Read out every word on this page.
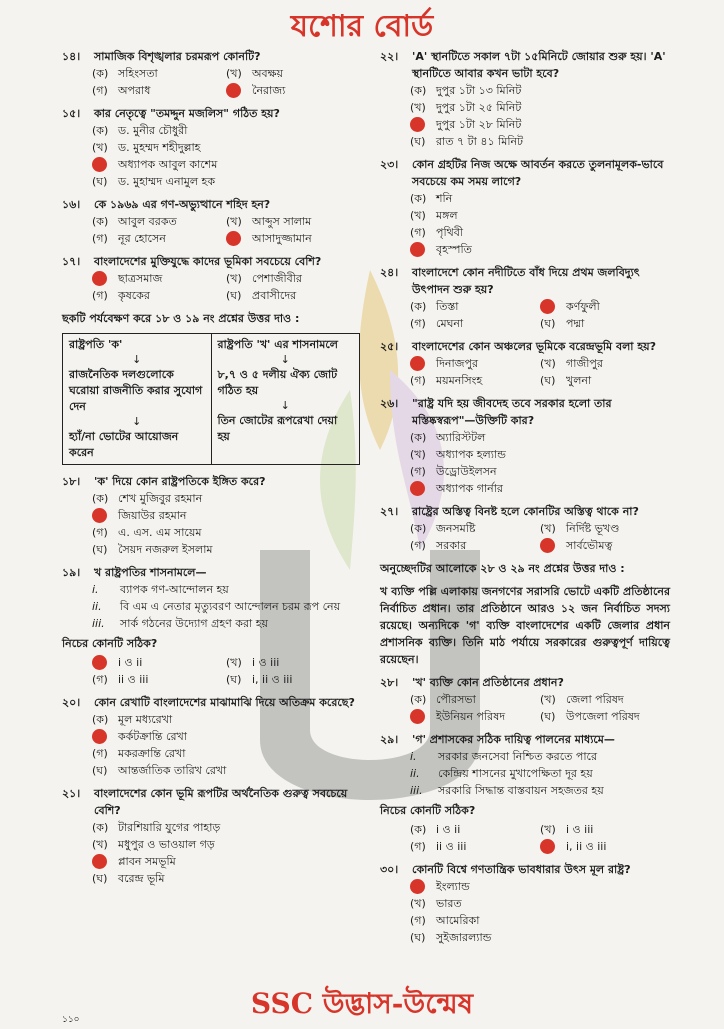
যশোর বোর্ড
১৪।	সামাজিক বিশৃঙ্খলার চরমরূপ কোনটি?
(ক) সহিংসতা	(খ) অবক্ষয়
(গ) অপরাধ	নৈরাজ্য
১৫।	কার নেতৃত্বে "তমদ্দুন মজলিস" গঠিত হয়?
(ক) ড. মুনীর চৌধুরী
(খ) ড. মুহম্মদ শহীদুল্লাহ
অধ্যাপক আবুল কাশেম
(ঘ) ড. মুহাম্মদ এনামুল হক
১৬।	কে ১৯৬৯ এর গণ-অভ্যুত্থানে শহিদ হন?
(ক) আবুল বরকত	(খ) আব্দুস সালাম
(গ) নূর হোসেন	আসাদুজ্জামান
১৭।	বাংলাদেশের মুক্তিযুদ্ধে কাদের ভূমিকা সবচেয়ে বেশি?
ছাত্রসমাজ	(খ) পেশাজীবীর
(গ) কৃষকের	(ঘ) প্রবাসীদের
ছকটি পর্যবেক্ষণ করে ১৮ ও ১৯ নং প্রশ্নের উত্তর দাও :
রাষ্ট্রপতি 'ক'
↓
রাজনৈতিক দলগুলোকে ঘরোয়া রাজনীতি করার সুযোগ দেন
↓
হ্যাঁ/না ভোটের আয়োজন করেন
রাষ্ট্রপতি 'খ' এর শাসনামলে
↓
৮,৭ ও ৫ দলীয় ঐক্য জোট গঠিত হয়
↓
তিন জোটের রূপরেখা দেয়া হয়
১৮।	'ক' দিয়ে কোন রাষ্ট্রপতিকে ইঙ্গিত করে?
(ক) শেখ মুজিবুর রহমান
জিয়াউর রহমান
(গ) এ. এস. এম সায়েম
(ঘ) সৈয়দ নজরুল ইসলাম
১৯।	খ রাষ্ট্রপতির শাসনামলে—
i.	ব্যাপক গণ-আন্দোলন হয়
ii.	বি এম এ নেতার মৃত্যুবরণ আন্দোলন চরম রূপ নেয়
iii.	সার্ক গঠনের উদ্যোগ গ্রহণ করা হয়
নিচের কোনটি সঠিক?
i ও ii	(খ) i ও iii
(গ) ii ও iii	(ঘ) i, ii ও iii
২০।	কোন রেখাটি বাংলাদেশের মাঝামাঝি দিয়ে অতিক্রম করেছে?
(ক) মূল মধ্যরেখা
কর্কটক্রান্তি রেখা
(গ) মকরক্রান্তি রেখা
(ঘ) আন্তর্জাতিক তারিখ রেখা
২১।	বাংলাদেশের কোন ভূমি রূপটির অর্থনৈতিক গুরুত্ব সবচেয়ে বেশি?
(ক) টারশিয়ারি যুগের পাহাড়
(খ) মধুপুর ও ভাওয়াল গড়
প্লাবন সমভূমি
(ঘ) বরেন্দ্র ভূমি
২২।	'A' স্থানটিতে সকাল ৭টা ১৫মিনিটে জোয়ার শুরু হয়। 'A' স্থানটিতে আবার কখন ভাটা হবে?
(ক) দুপুর ১টা ১৩ মিনিট
(খ) দুপুর ১টা ২৫ মিনিট
দুপুর ১টা ২৮ মিনিট
(ঘ) রাত ৭ টা ৪১ মিনিট
২৩।	কোন গ্রহটির নিজ অক্ষে আবর্তন করতে তুলনামূলক-ভাবে সবচেয়ে কম সময় লাগে?
(ক) শনি
(খ) মঙ্গল
(গ) পৃথিবী
বৃহস্পতি
২৪।	বাংলাদেশে কোন নদীটিতে বাঁধ দিয়ে প্রথম জলবিদ্যুৎ উৎপাদন শুরু হয়?
(ক) তিস্তা	কর্ণফুলী
(গ) মেঘনা	(ঘ) পদ্মা
২৫।	বাংলাদেশের কোন অঞ্চলের ভূমিকে বরেন্দ্রভূমি বলা হয়?
দিনাজপুর	(খ) গাজীপুর
(গ) ময়মনসিংহ	(ঘ) খুলনা
২৬।	"রাষ্ট্র যদি হয় জীবদেহ তবে সরকার হলো তার মস্তিষ্কস্বরূপ"—উক্তিটি কার?
(ক) অ্যারিস্টটল
(খ) অধ্যাপক হল্যান্ড
(গ) উড্রোউইলসন
অধ্যাপক গার্নার
২৭।	রাষ্ট্রের অস্তিত্ব বিনষ্ট হলে কোনটির অস্তিত্ব থাকে না?
(ক) জনসমষ্টি	(খ) নির্দিষ্ট ভূখণ্ড
(গ) সরকার	সার্বভৌমত্ব
অনুচ্ছেদটির আলোকে ২৮ ও ২৯ নং প্রশ্নের উত্তর দাও :
খ ব্যক্তি পল্লি এলাকায় জনগণের সরাসরি ভোটে একটি প্রতিষ্ঠানের নির্বাচিত প্রধান। তার প্রতিষ্ঠানে আরও ১২ জন নির্বাচিত সদস্য রয়েছে। অন্যদিকে 'গ' ব্যক্তি বাংলাদেশের একটি জেলার প্রধান প্রশাসনিক ব্যক্তি। তিনি মাঠ পর্যায়ে সরকারের গুরুত্বপূর্ণ দায়িত্বে রয়েছেন।
২৮।	'খ' ব্যক্তি কোন প্রতিষ্ঠানের প্রধান?
(ক) পৌরসভা	(খ) জেলা পরিষদ
ইউনিয়ন পরিষদ	(ঘ) উপজেলা পরিষদ
২৯।	'গ' প্রশাসকের সঠিক দায়িত্ব পালনের মাধ্যমে—
i.	সরকার জনসেবা নিশ্চিত করতে পারে
ii.	কেন্দ্রিয় শাসনের মুখাপেক্ষিতা দূর হয়
iii.	সরকারি সিদ্ধান্ত বাস্তবায়ন সহজতর হয়
নিচের কোনটি সঠিক?
(ক) i ও ii	(খ) i ও iii
(গ) ii ও iii	i, ii ও iii
৩০।	কোনটি বিশ্বে গণতান্ত্রিক ভাবধারার উৎস মূল রাষ্ট্র?
ইংল্যান্ড
(খ) ভারত
(গ) আমেরিকা
(ঘ) সুইজারল্যান্ড
SSC উদ্ভাস-উন্মেষ
১১০
